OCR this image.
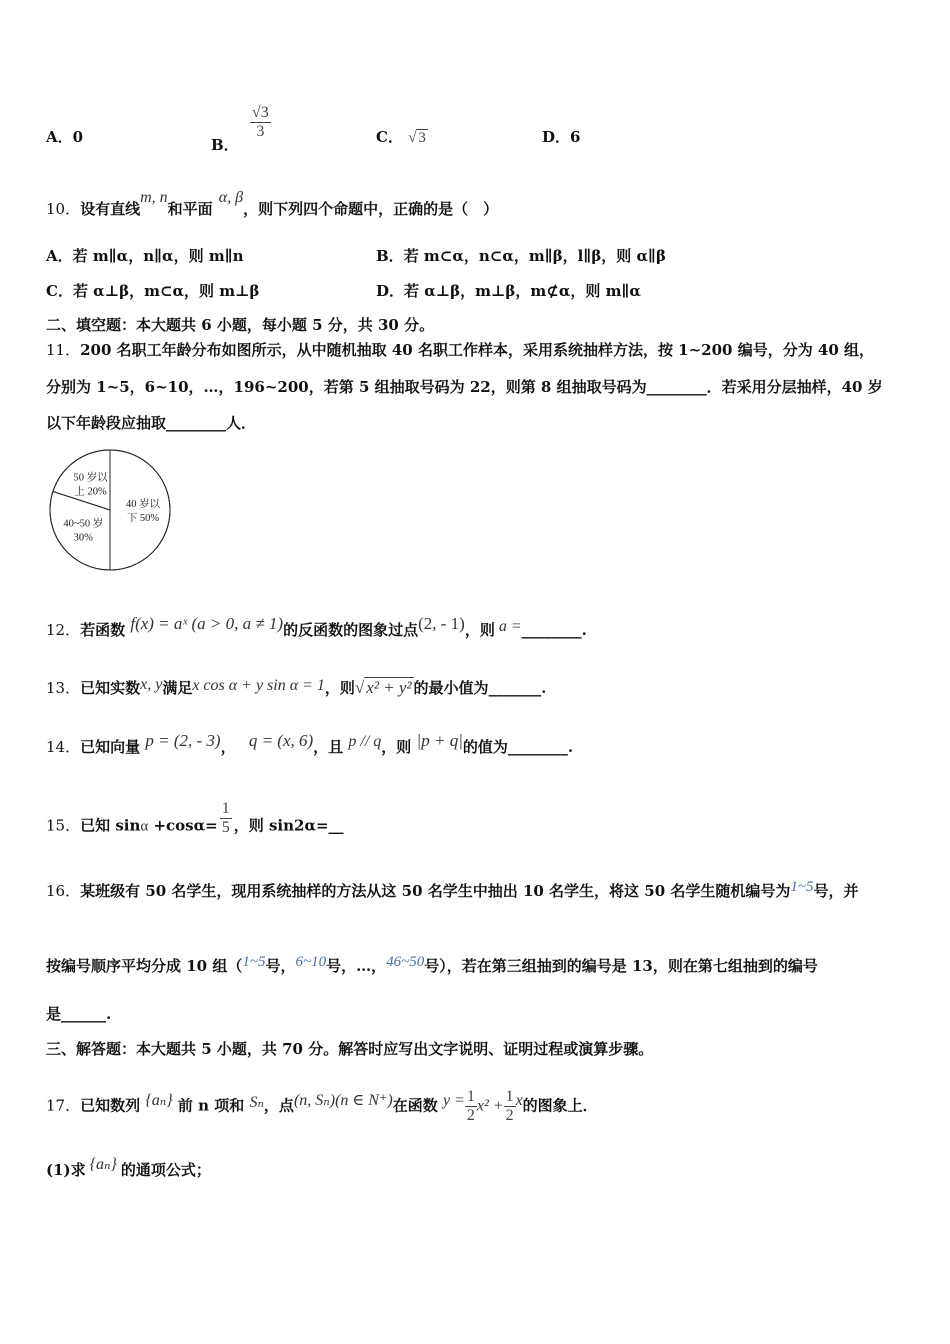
A．0	B．
$\frac{√3}{3}$	C． √ 3	D．6
10．设有直线m, n和平面α, β，则下列四个命题中，正确的是（　）
A．若 m∥α，n∥α，则 m∥n	B．若 m⊂α，n⊂α，m∥β，l∥β，则 α∥β
C．若 α⊥β，m⊂α，则 m⊥β	D．若 α⊥β，m⊥β，m⊄α，则 m∥α
二、填空题：本大题共 6 小题，每小题 5 分，共 30 分。
11．200 名职工年龄分布如图所示，从中随机抽取 40 名职工作样本，采用系统抽样方法，按 1~200 编号，分为 40 组，
分别为 1~5，6~10，…，196~200，若第 5 组抽取号码为 22，则第 8 组抽取号码为________．若采用分层抽样，40 岁
以下年龄段应抽取________人．
40 岁以
下 50%
40~50 岁
30%
50 岁以
上 20%
12．若函数 f(x) = aˣ (a > 0, a ≠ 1)的反函数的图象过点(2, - 1)，则 a =________.
13．已知实数x, y满足x cos α + y sin α = 1，则√ x² + y² 的最小值为_______.
14．已知向量 p = (2, - 3)， q = (x, 6)，且 p // q，则 |p + q|的值为________.
15．已知 $\sin\alpha +\cos\alpha= \frac{1}{5}$ ，则 sin2α=__
16．某班级有 50 名学生，现用系统抽样的方法从这 50 名学生中抽出 10 名学生，将这 50 名学生随机编号为1~5号，并
按编号顺序平均分成 10 组（1~5号，6~10号，…，46~50号），若在第三组抽到的编号是 13，则在第七组抽到的编号
是______.
三、解答题：本大题共 5 小题，共 70 分。解答时应写出文字说明、证明过程或演算步骤。
17．已知数列 {aₙ} 前 n 项和 Sₙ，点(n, Sₙ)(n ∈ N⁺)在函数 $y = \frac{1}{2} x^2 + \frac{1}{2}$ x的图象上．
(1)求 {aₙ} 的通项公式；
